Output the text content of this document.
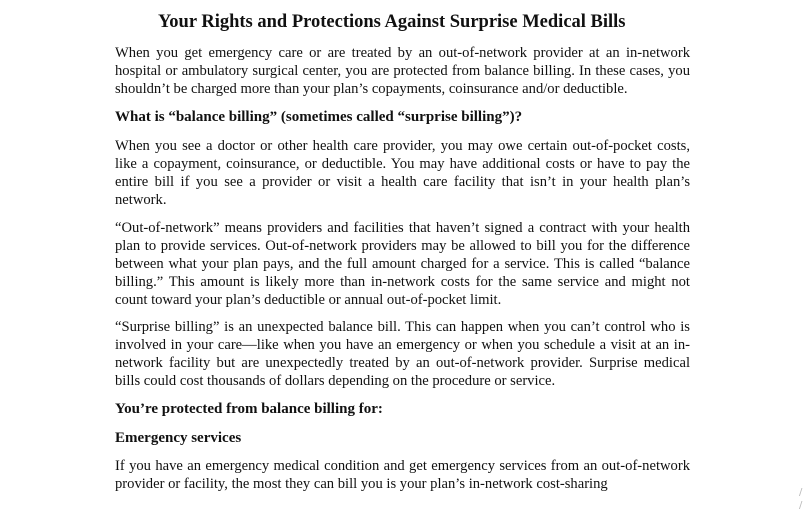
Your Rights and Protections Against Surprise Medical Bills

When you get emergency care or are treated by an out-of-network provider at an in-network hospital or ambulatory surgical center, you are protected from balance billing. In these cases, you shouldn’t be charged more than your plan’s copayments, coinsurance and/or deductible.

What is “balance billing” (sometimes called “surprise billing”)?

When you see a doctor or other health care provider, you may owe certain out-of-pocket costs, like a copayment, coinsurance, or deductible. You may have additional costs or have to pay the entire bill if you see a provider or visit a health care facility that isn’t in your health plan’s network.

“Out-of-network” means providers and facilities that haven’t signed a contract with your health plan to provide services. Out-of-network providers may be allowed to bill you for the difference between what your plan pays, and the full amount charged for a service. This is called “balance billing.” This amount is likely more than in-network costs for the same service and might not count toward your plan’s deductible or annual out-of-pocket limit.

“Surprise billing” is an unexpected balance bill. This can happen when you can’t control who is involved in your care—like when you have an emergency or when you schedule a visit at an in-network facility but are unexpectedly treated by an out-of-network provider. Surprise medical bills could cost thousands of dollars depending on the procedure or service.

You’re protected from balance billing for:

Emergency services

If you have an emergency medical condition and get emergency services from an out-of-network provider or facility, the most they can bill you is your plan’s in-network cost-sharing

/
/
